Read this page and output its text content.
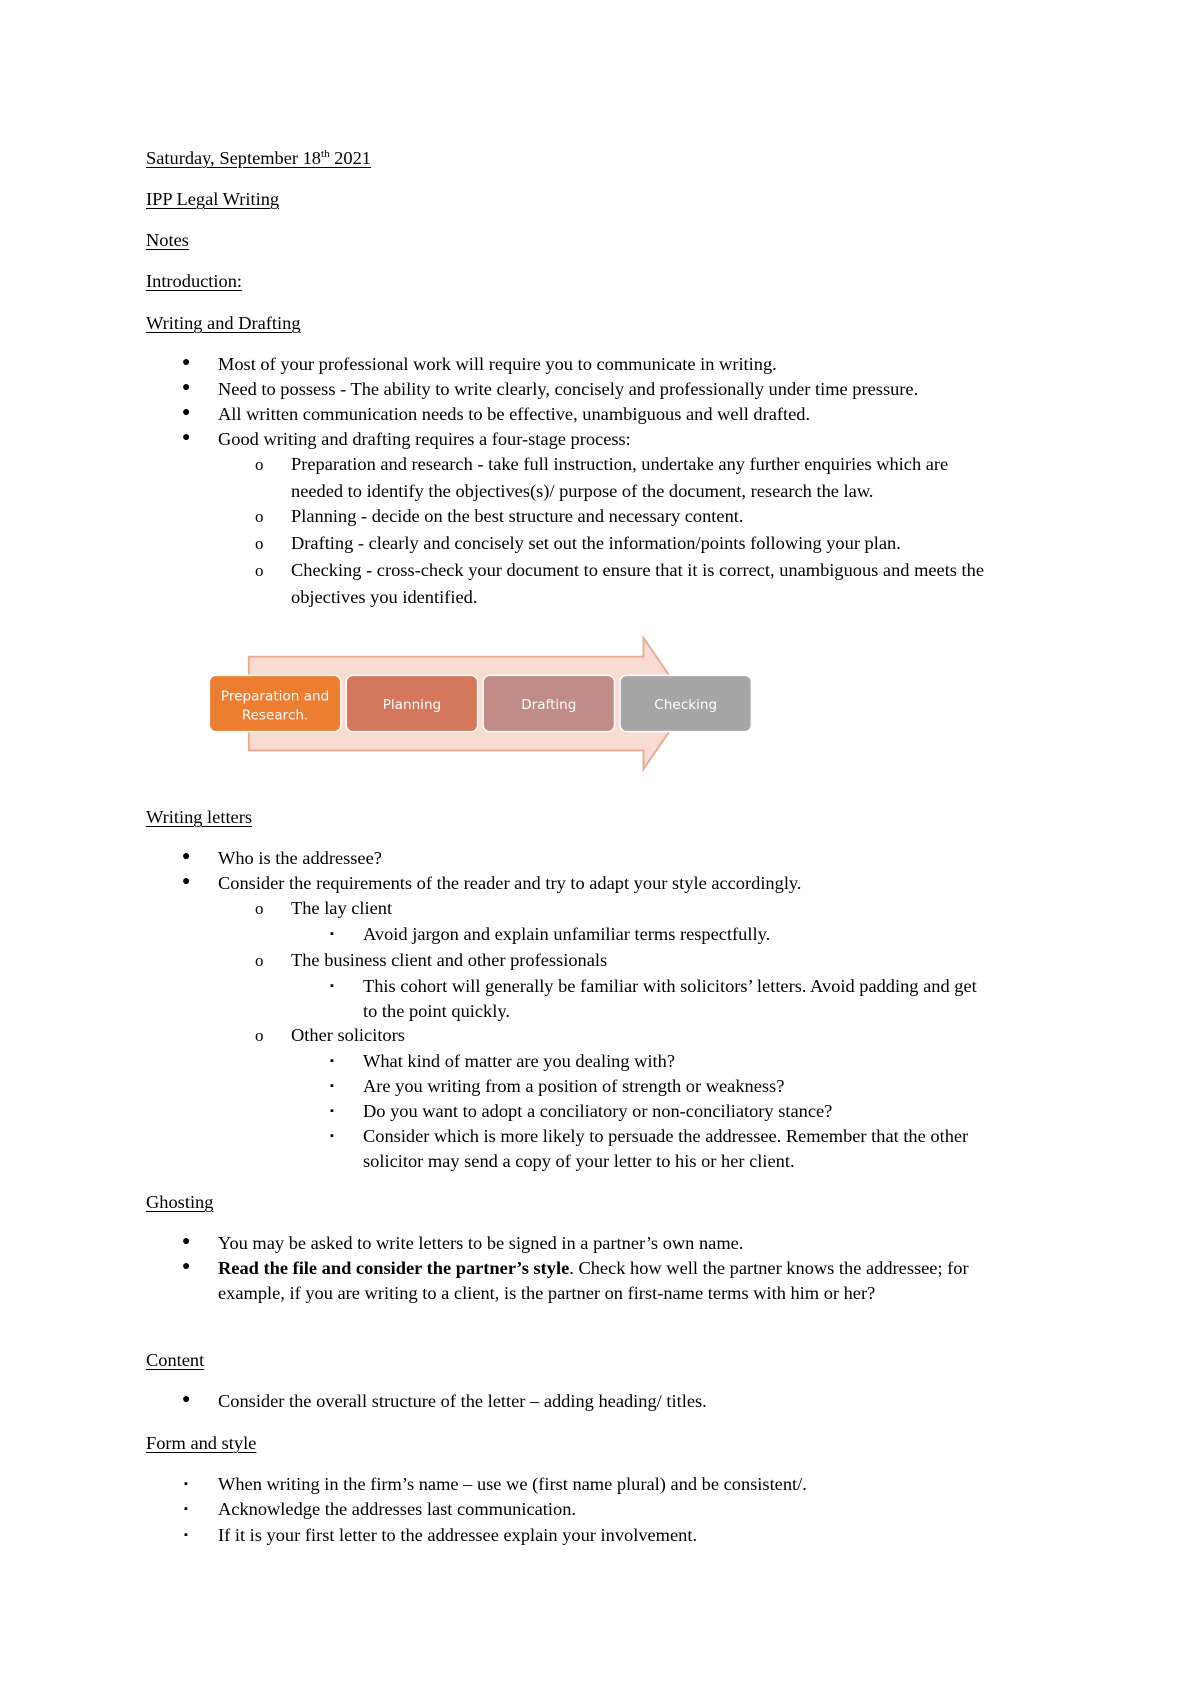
Saturday, September 18th 2021
IPP Legal Writing
Notes
Introduction:
Writing and Drafting
● Most of your professional work will require you to communicate in writing.
● Need to possess - The ability to write clearly, concisely and professionally under time pressure.
● All written communication needs to be effective, unambiguous and well drafted.
● Good writing and drafting requires a four-stage process:
o Preparation and research - take full instruction, undertake any further enquiries which are
needed to identify the objectives(s)/ purpose of the document, research the law.
o Planning - decide on the best structure and necessary content.
o Drafting - clearly and concisely set out the information/points following your plan.
o Checking - cross-check your document to ensure that it is correct, unambiguous and meets the
objectives you identified.
Preparation and
Research.
Planning	Drafting	Checking
Writing letters
● Who is the addressee?
● Consider the requirements of the reader and try to adapt your style accordingly.
o The lay client
▪ Avoid jargon and explain unfamiliar terms respectfully.
o The business client and other professionals
▪ This cohort will generally be familiar with solicitors’ letters. Avoid padding and get
to the point quickly.
o Other solicitors
▪ What kind of matter are you dealing with?
▪ Are you writing from a position of strength or weakness?
▪ Do you want to adopt a conciliatory or non-conciliatory stance?
▪ Consider which is more likely to persuade the addressee. Remember that the other
solicitor may send a copy of your letter to his or her client.
Ghosting
● You may be asked to write letters to be signed in a partner’s own name.
● Read the file and consider the partner’s style. Check how well the partner knows the addressee; for
example, if you are writing to a client, is the partner on first-name terms with him or her?
Content
● Consider the overall structure of the letter – adding heading/ titles.
Form and style
▪ When writing in the firm’s name – use we (first name plural) and be consistent/.
▪ Acknowledge the addresses last communication.
▪ If it is your first letter to the addressee explain your involvement.
